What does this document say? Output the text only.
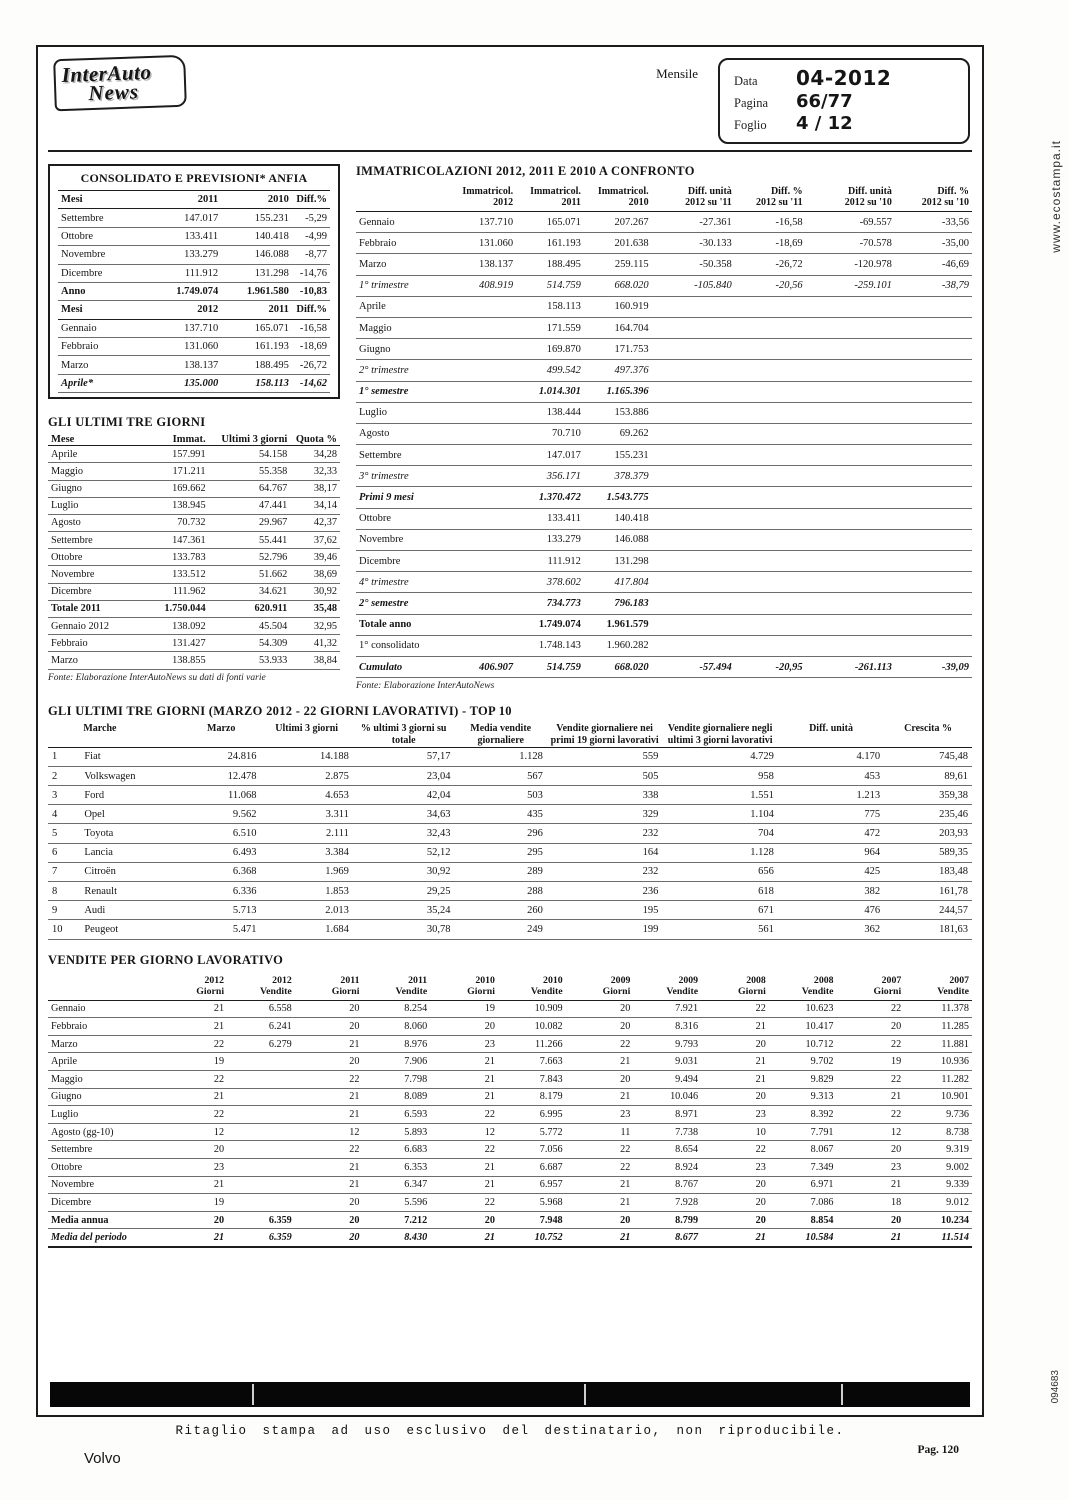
InterAuto
News
Mensile	Data	04-2012
Pagina	66/77
Foglio	4 / 12
CONSOLIDATO E PREVISIONI* ANFIA
Mesi	2011	2010	Diff.%
Settembre	147.017	155.231	-5,29
Ottobre	133.411	140.418	-4,99
Novembre	133.279	146.088	-8,77
Dicembre	111.912	131.298	-14,76
Anno	1.749.074	1.961.580	-10,83
Mesi	2012	2011	Diff.%
Gennaio	137.710	165.071	-16,58
Febbraio	131.060	161.193	-18,69
Marzo	138.137	188.495	-26,72
Aprile*	135.000	158.113	-14,62
GLI ULTIMI TRE GIORNI
Mese	Immat.	Ultimi 3 giorni	Quota %
Aprile	157.991	54.158	34,28
Maggio	171.211	55.358	32,33
Giugno	169.662	64.767	38,17
Luglio	138.945	47.441	34,14
Agosto	70.732	29.967	42,37
Settembre	147.361	55.441	37,62
Ottobre	133.783	52.796	39,46
Novembre	133.512	51.662	38,69
Dicembre	111.962	34.621	30,92
Totale 2011	1.750.044	620.911	35,48
Gennaio 2012	138.092	45.504	32,95
Febbraio	131.427	54.309	41,32
Marzo	138.855	53.933	38,84
Fonte: Elaborazione InterAutoNews su dati di fonti varie
IMMATRICOLAZIONI 2012, 2011 E 2010 A CONFRONTO
	Immatricol.	Immatricol.	Immatricol.	Diff. unità	Diff. %	Diff. unità	Diff. %
	2012	2011	2010	2012 su '11	2012 su '11	2012 su '10	2012 su '10
Gennaio	137.710	165.071	207.267	-27.361	-16,58	-69.557	-33,56
Febbraio	131.060	161.193	201.638	-30.133	-18,69	-70.578	-35,00
Marzo	138.137	188.495	259.115	-50.358	-26,72	-120.978	-46,69
1° trimestre	408.919	514.759	668.020	-105.840	-20,56	-259.101	-38,79
Aprile		158.113	160.919				
Maggio		171.559	164.704				
Giugno		169.870	171.753				
2° trimestre		499.542	497.376				
1° semestre		1.014.301	1.165.396				
Luglio		138.444	153.886				
Agosto		70.710	69.262				
Settembre		147.017	155.231				
3° trimestre		356.171	378.379				
Primi 9 mesi		1.370.472	1.543.775				
Ottobre		133.411	140.418				
Novembre		133.279	146.088				
Dicembre		111.912	131.298				
4° trimestre		378.602	417.804				
2° semestre		734.773	796.183				
Totale anno		1.749.074	1.961.579				
1° consolidato		1.748.143	1.960.282				
Cumulato	406.907	514.759	668.020	-57.494	-20,95	-261.113	-39,09
Fonte: Elaborazione InterAutoNews
GLI ULTIMI TRE GIORNI (MARZO 2012 - 22 GIORNI LAVORATIVI) - TOP 10
	Marche	Marzo	Ultimi 3 giorni	% ultimi 3 giorni su totale	Media vendite giornaliere	Vendite giornaliere nei primi 19 giorni lavorativi	Vendite giornaliere negli ultimi 3 giorni lavorativi	Diff. unità	Crescita %
1	Fiat	24.816	14.188	57,17	1.128	559	4.729	4.170	745,48
2	Volkswagen	12.478	2.875	23,04	567	505	958	453	89,61
3	Ford	11.068	4.653	42,04	503	338	1.551	1.213	359,38
4	Opel	9.562	3.311	34,63	435	329	1.104	775	235,46
5	Toyota	6.510	2.111	32,43	296	232	704	472	203,93
6	Lancia	6.493	3.384	52,12	295	164	1.128	964	589,35
7	Citroën	6.368	1.969	30,92	289	232	656	425	183,48
8	Renault	6.336	1.853	29,25	288	236	618	382	161,78
9	Audi	5.713	2.013	35,24	260	195	671	476	244,57
10	Peugeot	5.471	1.684	30,78	249	199	561	362	181,63
VENDITE PER GIORNO LAVORATIVO
	2012	2012	2011	2011	2010	2010	2009	2009	2008	2008	2007	2007
	Giorni	Vendite	Giorni	Vendite	Giorni	Vendite	Giorni	Vendite	Giorni	Vendite	Giorni	Vendite
Gennaio	21	6.558	20	8.254	19	10.909	20	7.921	22	10.623	22	11.378
Febbraio	21	6.241	20	8.060	20	10.082	20	8.316	21	10.417	20	11.285
Marzo	22	6.279	21	8.976	23	11.266	22	9.793	20	10.712	22	11.881
Aprile	19		20	7.906	21	7.663	21	9.031	21	9.702	19	10.936
Maggio	22		22	7.798	21	7.843	20	9.494	21	9.829	22	11.282
Giugno	21		21	8.089	21	8.179	21	10.046	20	9.313	21	10.901
Luglio	22		21	6.593	22	6.995	23	8.971	23	8.392	22	9.736
Agosto (gg-10)	12		12	5.893	12	5.772	11	7.738	10	7.791	12	8.738
Settembre	20		22	6.683	22	7.056	22	8.654	22	8.067	20	9.319
Ottobre	23		21	6.353	21	6.687	22	8.924	23	7.349	23	9.002
Novembre	21		21	6.347	21	6.957	21	8.767	20	6.971	21	9.339
Dicembre	19		20	5.596	22	5.968	21	7.928	20	7.086	18	9.012
Media annua	20	6.359	20	7.212	20	7.948	20	8.799	20	8.854	20	10.234
Media del periodo	21	6.359	20	8.430	21	10.752	21	8.677	21	10.584	21	11.514
Ritaglio stampa ad uso esclusivo del destinatario, non riproducibile.
Volvo	Pag. 120
www.ecostampa.it
094683
